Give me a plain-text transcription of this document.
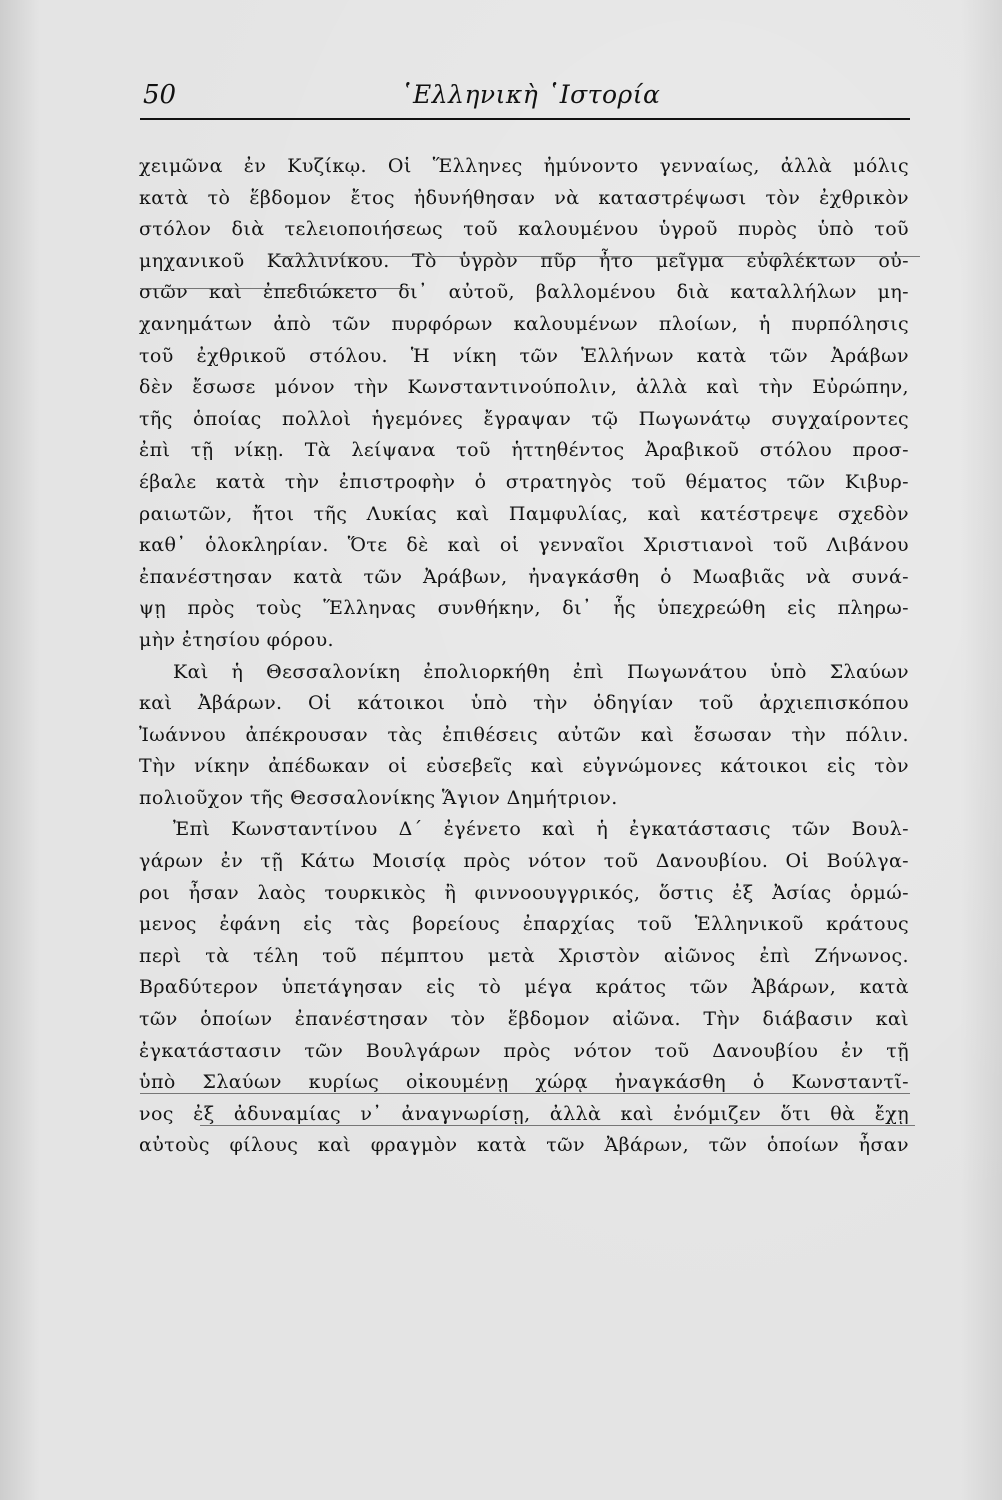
50	῾Ελληνικὴ ῾Ιστορία
χειμῶνα ἐν Κυζίκῳ. Οἱ Ἕλληνες ἠμύνοντο γενναίως, ἀλλὰ μόλις
κατὰ τὸ ἕβδομον ἔτος ἠδυνήθησαν νὰ καταστρέψωσι τὸν ἐχθρικὸν
στόλον διὰ τελειοποιήσεως τοῦ καλουμένου ὑγροῦ πυρὸς ὑπὸ τοῦ
μηχανικοῦ Καλλινίκου. Τὸ ὑγρὸν πῦρ ἦτο μεῖγμα εὐφλέκτων οὐ-
σιῶν καὶ ἐπεδιώκετο δι᾽ αὐτοῦ, βαλλομένου διὰ καταλλήλων μη-
χανημάτων ἀπὸ τῶν πυρφόρων καλουμένων πλοίων, ἡ πυρπόλησις
τοῦ ἐχθρικοῦ στόλου. Ἡ νίκη τῶν Ἑλλήνων κατὰ τῶν Ἀράβων
δὲν ἔσωσε μόνον τὴν Κωνσταντινούπολιν, ἀλλὰ καὶ τὴν Εὐρώπην,
τῆς ὁποίας πολλοὶ ἡγεμόνες ἔγραψαν τῷ Πωγωνάτῳ συγχαίροντες
ἐπὶ τῇ νίκῃ. Τὰ λείψανα τοῦ ἡττηθέντος Ἀραβικοῦ στόλου προσ-
έβαλε κατὰ τὴν ἐπιστροφὴν ὁ στρατηγὸς τοῦ θέματος τῶν Κιβυρ-
ραιωτῶν, ἤτοι τῆς Λυκίας καὶ Παμφυλίας, καὶ κατέστρεψε σχεδὸν
καθ᾽ ὁλοκληρίαν. Ὅτε δὲ καὶ οἱ γενναῖοι Χριστιανοὶ τοῦ Λιβάνου
ἐπανέστησαν κατὰ τῶν Ἀράβων, ἠναγκάσθη ὁ Μωαβιᾶς νὰ συνά-
ψῃ πρὸς τοὺς Ἕλληνας συνθήκην, δι᾽ ἧς ὑπεχρεώθη εἰς πληρω-
μὴν ἐτησίου φόρου.
Καὶ ἡ Θεσσαλονίκη ἐπολιορκήθη ἐπὶ Πωγωνάτου ὑπὸ Σλαύων
καὶ Ἀβάρων. Οἱ κάτοικοι ὑπὸ τὴν ὁδηγίαν τοῦ ἀρχιεπισκόπου
Ἰωάννου ἀπέκρουσαν τὰς ἐπιθέσεις αὐτῶν καὶ ἔσωσαν τὴν πόλιν.
Τὴν νίκην ἀπέδωκαν οἱ εὐσεβεῖς καὶ εὐγνώμονες κάτοικοι εἰς τὸν
πολιοῦχον τῆς Θεσσαλονίκης Ἅγιον Δημήτριον.
Ἐπὶ Κωνσταντίνου Δ΄ ἐγένετο καὶ ἡ ἐγκατάστασις τῶν Βουλ-
γάρων ἐν τῇ Κάτω Μοισίᾳ πρὸς νότον τοῦ Δανουβίου. Οἱ Βούλγα-
ροι ἦσαν λαὸς τουρκικὸς ἢ φιννοουγγρικός, ὅστις ἐξ Ἀσίας ὁρμώ-
μενος ἐφάνη εἰς τὰς βορείους ἐπαρχίας τοῦ Ἑλληνικοῦ κράτους
περὶ τὰ τέλη τοῦ πέμπτου μετὰ Χριστὸν αἰῶνος ἐπὶ Ζήνωνος.
Βραδύτερον ὑπετάγησαν εἰς τὸ μέγα κράτος τῶν Ἀβάρων, κατὰ
τῶν ὁποίων ἐπανέστησαν τὸν ἕβδομον αἰῶνα. Τὴν διάβασιν καὶ
ἐγκατάστασιν τῶν Βουλγάρων πρὸς νότον τοῦ Δανουβίου ἐν τῇ
ὑπὸ Σλαύων κυρίως οἰκουμένῃ χώρᾳ ἠναγκάσθη ὁ Κωνσταντῖ-
νος ἐξ ἀδυναμίας ν᾽ ἀναγνωρίσῃ, ἀλλὰ καὶ ἐνόμιζεν ὅτι θὰ ἔχῃ
αὐτοὺς φίλους καὶ φραγμὸν κατὰ τῶν Ἀβάρων, τῶν ὁποίων ἦσαν
